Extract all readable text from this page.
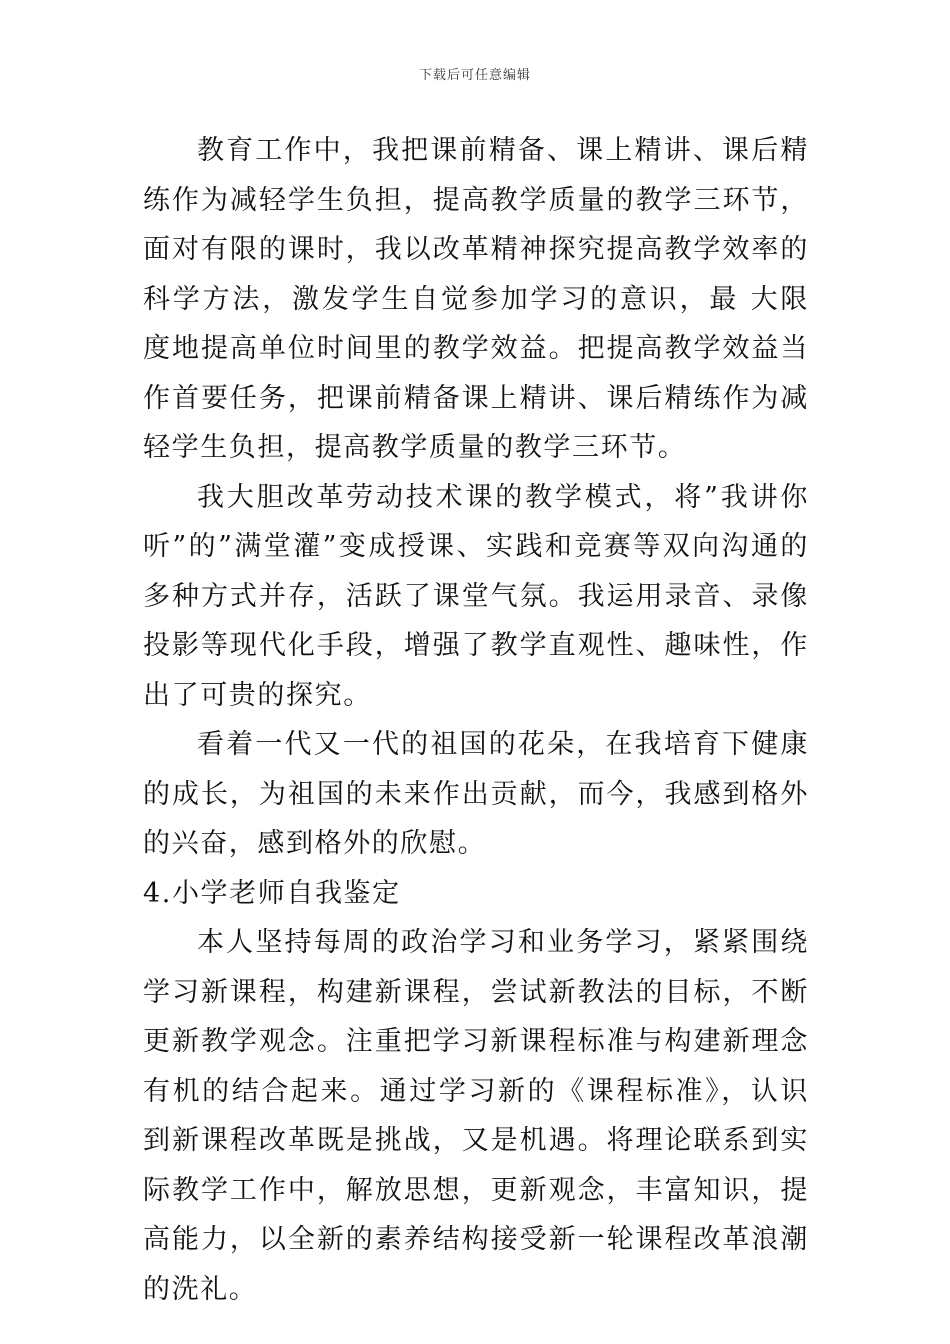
下载后可任意编辑

教育工作中，我把课前精备、课上精讲、课后精练作为减轻学生负担，提高教学质量的教学三环节，面对有限的课时，我以改革精神探究提高教学效率的科学方法，激发学生自觉参加学习的意识，最 大限度地提高单位时间里的教学效益。把提高教学效益当作首要任务，把课前精备课上精讲、课后精练作为减轻学生负担，提高教学质量的教学三环节。

我大胆改革劳动技术课的教学模式，将”我讲你听”的”满堂灌”变成授课、实践和竞赛等双向沟通的多种方式并存，活跃了课堂气氛。我运用录音、录像投影等现代化手段，增强了教学直观性、趣味性，作出了可贵的探究。

看着一代又一代的祖国的花朵，在我培育下健康的成长，为祖国的未来作出贡献，而今，我感到格外的兴奋，感到格外的欣慰。

4.小学老师自我鉴定

本人坚持每周的政治学习和业务学习，紧紧围绕学习新课程，构建新课程，尝试新教法的目标，不断更新教学观念。注重把学习新课程标准与构建新理念有机的结合起来。通过学习新的《课程标准》，认识到新课程改革既是挑战，又是机遇。将理论联系到实际教学工作中，解放思想，更新观念，丰富知识，提高能力，以全新的素养结构接受新一轮课程改革浪潮的洗礼。
